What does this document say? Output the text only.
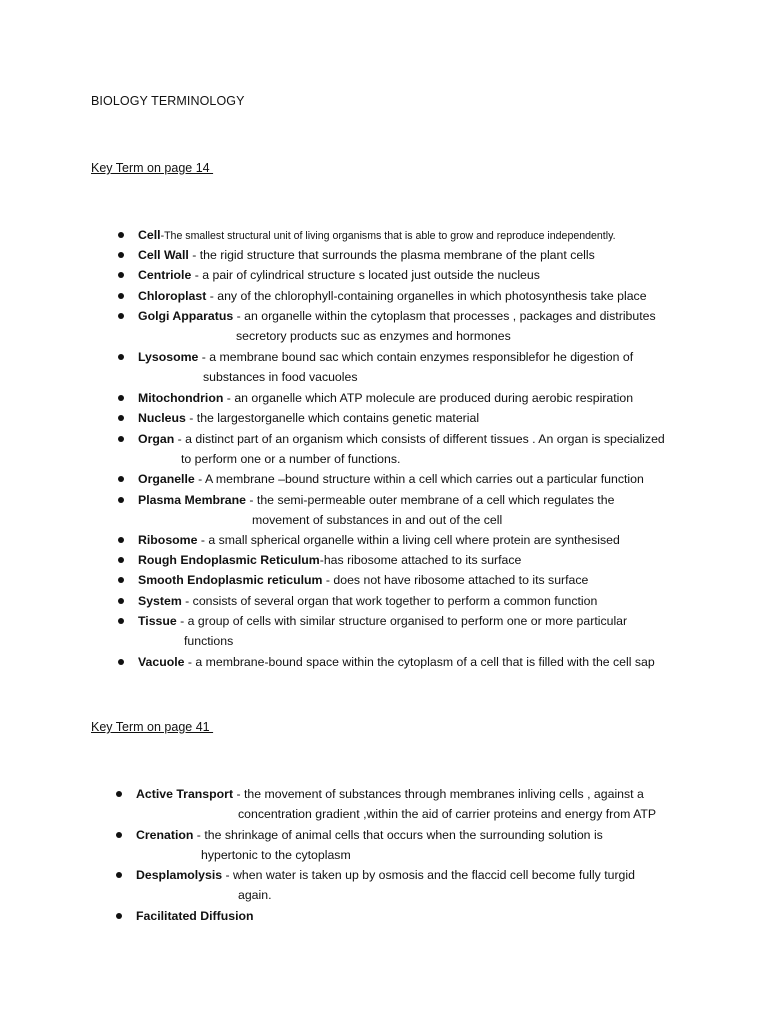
BIOLOGY TERMINOLOGY
Key Term on page 14
Cell-The smallest structural unit of living organisms that is able to grow and reproduce independently.
Cell Wall - the rigid structure that surrounds the plasma membrane of the plant cells
Centriole - a pair of cylindrical structure s located just outside the nucleus
Chloroplast - any of the chlorophyll-containing organelles in which photosynthesis take place
Golgi Apparatus - an organelle within the cytoplasm that processes , packages and distributes
secretory products suc as enzymes and hormones
Lysosome - a membrane bound sac which contain enzymes responsiblefor he digestion of
substances in food vacuoles
Mitochondrion - an organelle which ATP molecule are produced during aerobic respiration
Nucleus - the largestorganelle which contains genetic material
Organ - a distinct part of an organism which consists of different tissues . An organ is specialized
to perform one or a number of functions.
Organelle - A membrane –bound structure within a cell which carries out a particular function
Plasma Membrane - the semi-permeable outer membrane of a cell which regulates the
movement of substances in and out of the cell
Ribosome - a small spherical organelle within a living cell where protein are synthesised
Rough Endoplasmic Reticulum-has ribosome attached to its surface
Smooth Endoplasmic reticulum - does not have ribosome attached to its surface
System - consists of several organ that work together to perform a common function
Tissue - a group of cells with similar structure organised to perform one or more particular
functions
Vacuole - a membrane-bound space within the cytoplasm of a cell that is filled with the cell sap
Key Term on page 41
Active Transport - the movement of substances through membranes inliving cells , against a
concentration gradient ,within the aid of carrier proteins and energy from ATP
Crenation - the shrinkage of animal cells that occurs when the surrounding solution is
hypertonic to the cytoplasm
Desplamolysis - when water is taken up by osmosis and the flaccid cell become fully turgid
again.
Facilitated Diffusion
